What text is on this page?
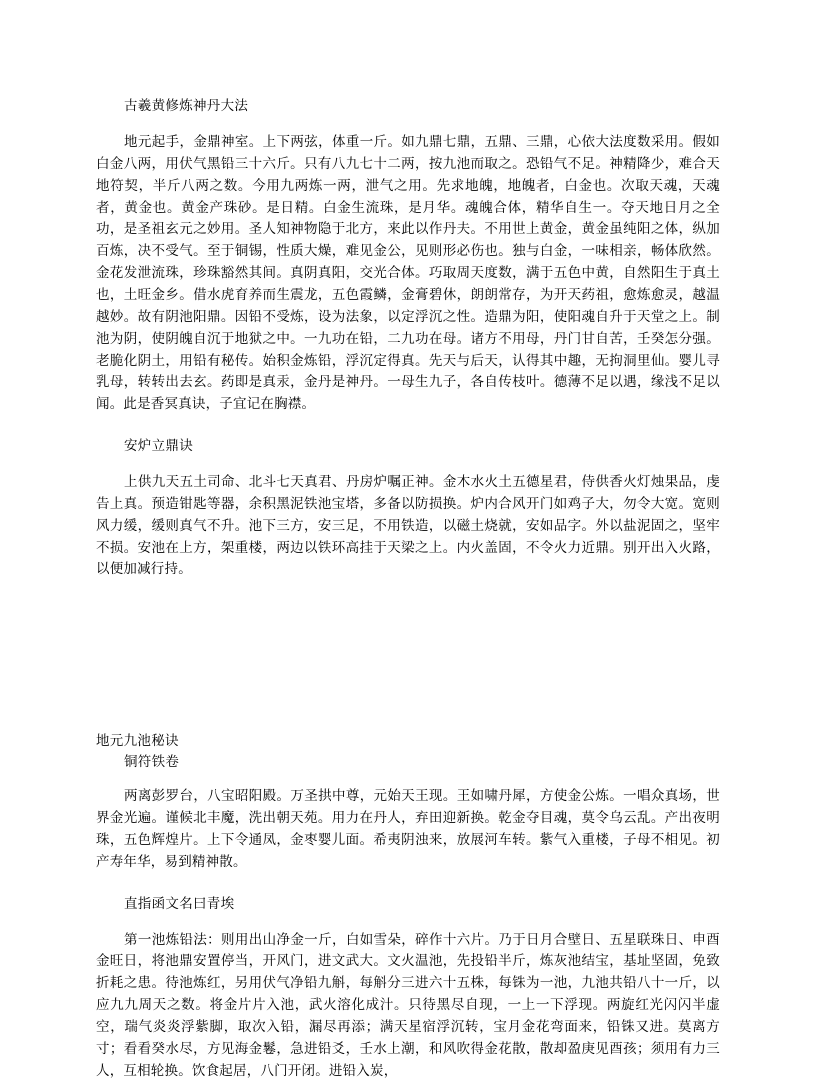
古羲黄修炼神丹大法
地元起手，金鼎神室。上下两弦，体重一斤。如九鼎七鼎，五鼎、三鼎，心依大法度数采用。假如白金八两，用伏气黑铅三十六斤。只有八九七十二两，按九池而取之。恐铅气不足。神精降少，难合天地符契，半斤八两之数。今用九两炼一两，泄气之用。先求地魄，地魄者，白金也。次取天魂，天魂者，黄金也。黄金产珠砂。是日精。白金生流珠，是月华。魂魄合体，精华自生一。夺天地日月之全功，是圣祖玄元之妙用。圣人知神物隐于北方，来此以作丹夫。不用世上黄金，黄金虽纯阳之体，纵加百炼，决不受气。至于铜锡，性质大燥，难见金公，见则形必伤也。独与白金，一味相亲，畅体欣然。金花发泄流珠，珍珠豁然其间。真阴真阳，交光合体。巧取周天度数，满于五色中黄，自然阳生于真土也，土旺金乡。借水虎育养而生震龙，五色霞鳞，金膏碧休，朗朗常存，为开天药祖，愈炼愈灵，越温越妙。故有阴池阳鼎。因铅不受炼，设为法象，以定浮沉之性。造鼎为阳，使阳魂自升于天堂之上。制池为阴，使阴魄自沉于地狱之中。一九功在铅，二九功在母。诸方不用母，丹门甘自苦，壬癸怎分强。老脆化阴土，用铅有秘传。始积金炼铅，浮沉定得真。先天与后天，认得其中趣，无拘洞里仙。婴儿寻乳母，转转出去玄。药即是真汞，金丹是神丹。一母生九子，各自传枝叶。德薄不足以遇，缘浅不足以闻。此是香冥真诀，子宜记在胸襟。
安炉立鼎诀
上供九天五土司命、北斗七天真君、丹房炉嘱正神。金木水火土五德星君，侍供香火灯烛果品，虔告上真。预造钳匙等器，余积黑泥铁池宝塔，多备以防损换。炉内合风开门如鸡子大，勿令大宽。宽则风力缓，缓则真气不升。池下三方，安三足，不用铁造，以磁土烧就，安如品字。外以盐泥固之，坚牢不损。安池在上方，架重楼，两边以铁环高挂于天梁之上。内火盖固，不令火力近鼎。别开出入火路，以便加减行持。
地元九池秘诀
铜符铁卷
两离彭罗台，八宝昭阳殿。万圣拱中尊，元始天王现。王如啸丹犀，方使金公炼。一唱众真场，世界金光遍。谨候北丰魔，洗出朝天苑。用力在丹人，弃田迎新换。乾金夺目魂，莫令乌云乱。产出夜明珠，五色辉煌片。上下令通凤，金枣婴儿面。希夷阴浊来，放展河车转。紫气入重楼，子母不相见。初产寿年华，易到精神散。
直指函文名曰青埃
第一池炼铅法：则用出山净金一斤，白如雪朵，碎作十六片。乃于日月合壁日、五星联珠日、申酉金旺日，将池鼎安置停当，开风门，进文武大。文火温池，先投铅半斤，炼灰池结宝，基址坚固，免致折耗之患。待池炼红，另用伏气净铅九斛，每斛分三进六十五株，每铢为一池，九池共铅八十一斤，以应九九周天之数。将金片片入池，武火溶化成汁。只待黑尽自现，一上一下浮现。两旋红光闪闪半虚空，瑞气炎炎浮紫脚，取次入铅，漏尽再添；满天星宿浮沉转，宝月金花弯面来，铅铢又进。莫离方寸；看看癸水尽，方见海金鬈，急进铅爻，壬水上潮，和风吹得金花散，散却盈庚见酉孩；须用有力三人，互相轮换。饮食起居，八门开闭。进铅入炭，
